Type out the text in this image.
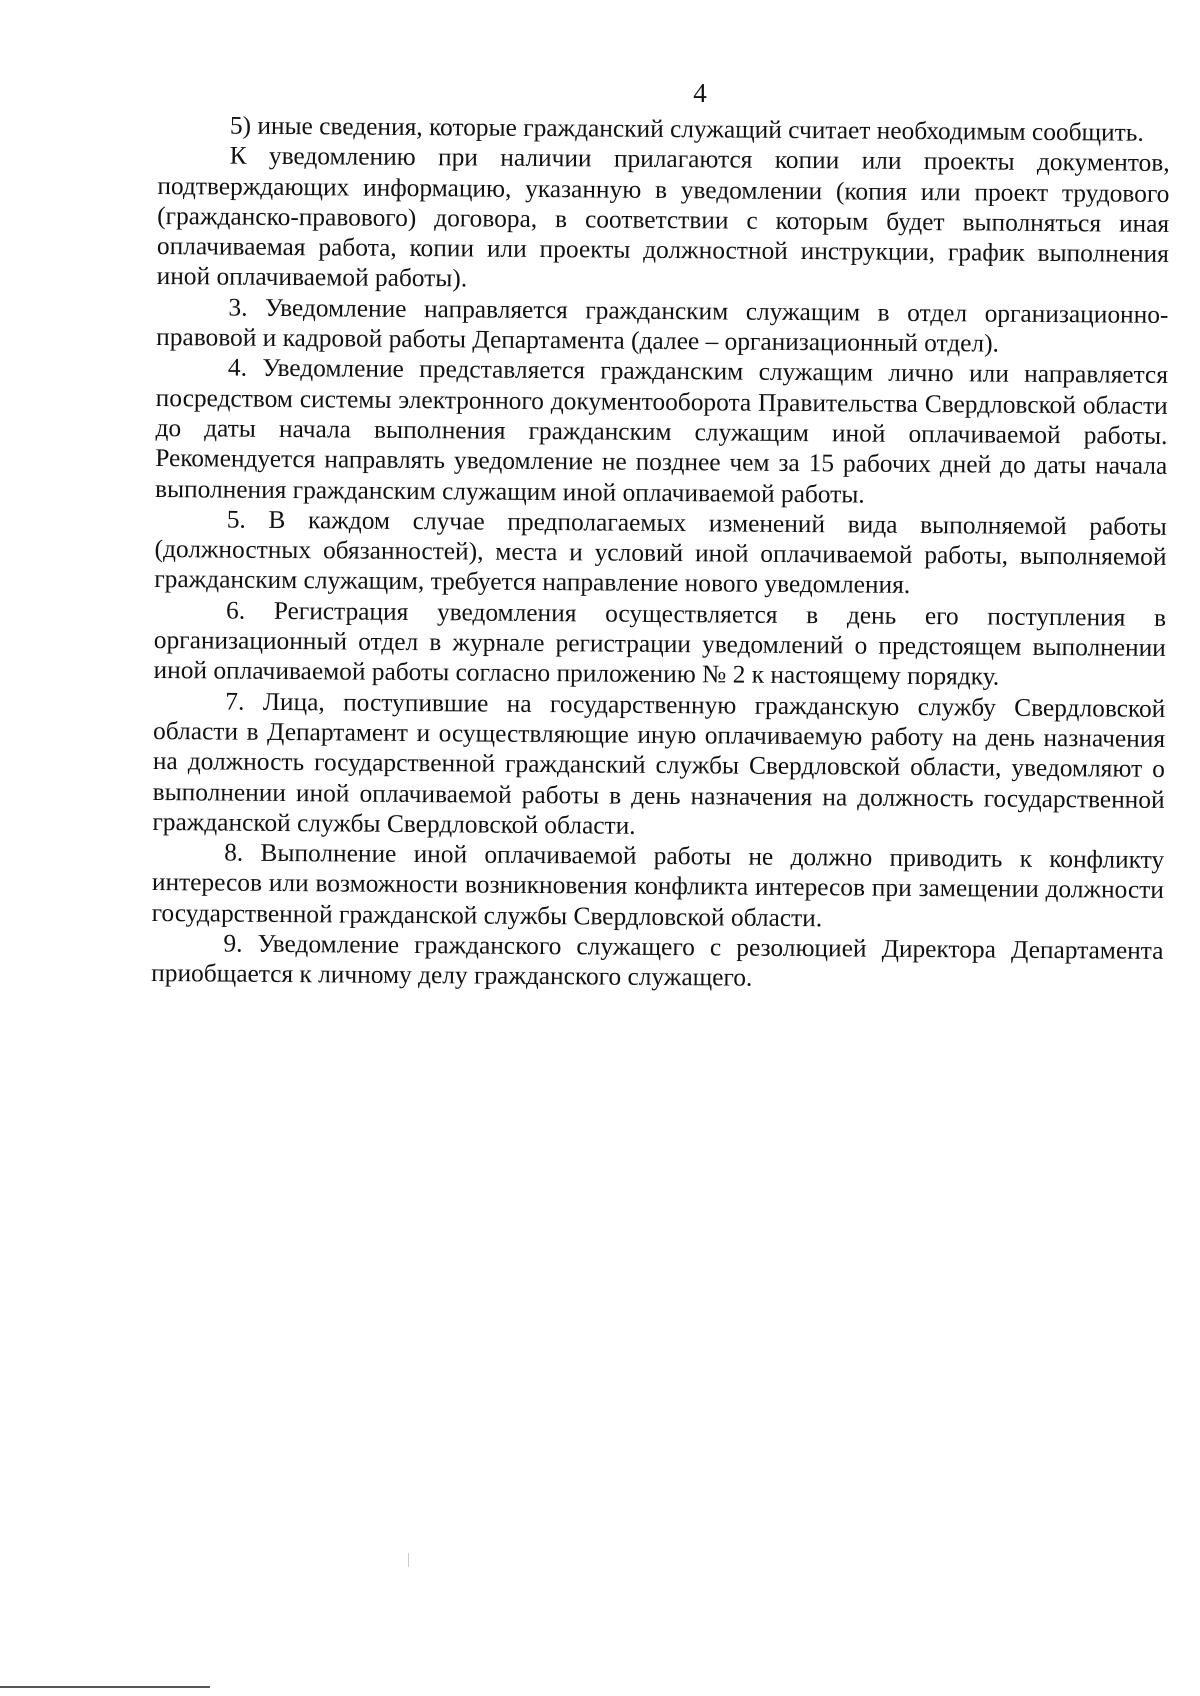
4

5) иные сведения, которые гражданский служащий считает необходимым сообщить.

К уведомлению при наличии прилагаются копии или проекты документов, подтверждающих информацию, указанную в уведомлении (копия или проект трудового (гражданско-правового) договора, в соответствии с которым будет выполняться иная оплачиваемая работа, копии или проекты должностной инструкции, график выполнения иной оплачиваемой работы).

3. Уведомление направляется гражданским служащим в отдел организационно-правовой и кадровой работы Департамента (далее – организационный отдел).

4. Уведомление представляется гражданским служащим лично или направляется посредством системы электронного документооборота Правительства Свердловской области до даты начала выполнения гражданским служащим иной оплачиваемой работы. Рекомендуется направлять уведомление не позднее чем за 15 рабочих дней до даты начала выполнения гражданским служащим иной оплачиваемой работы.

5. В каждом случае предполагаемых изменений вида выполняемой работы (должностных обязанностей), места и условий иной оплачиваемой работы, выполняемой гражданским служащим, требуется направление нового уведомления.

6. Регистрация уведомления осуществляется в день его поступления в организационный отдел в журнале регистрации уведомлений о предстоящем выполнении иной оплачиваемой работы согласно приложению № 2 к настоящему порядку.

7. Лица, поступившие на государственную гражданскую службу Свердловской области в Департамент и осуществляющие иную оплачиваемую работу на день назначения на должность государственной гражданский службы Свердловской области, уведомляют о выполнении иной оплачиваемой работы в день назначения на должность государственной гражданской службы Свердловской области.

8. Выполнение иной оплачиваемой работы не должно приводить к конфликту интересов или возможности возникновения конфликта интересов при замещении должности государственной гражданской службы Свердловской области.

9. Уведомление гражданского служащего с резолюцией Директора Департамента приобщается к личному делу гражданского служащего.
